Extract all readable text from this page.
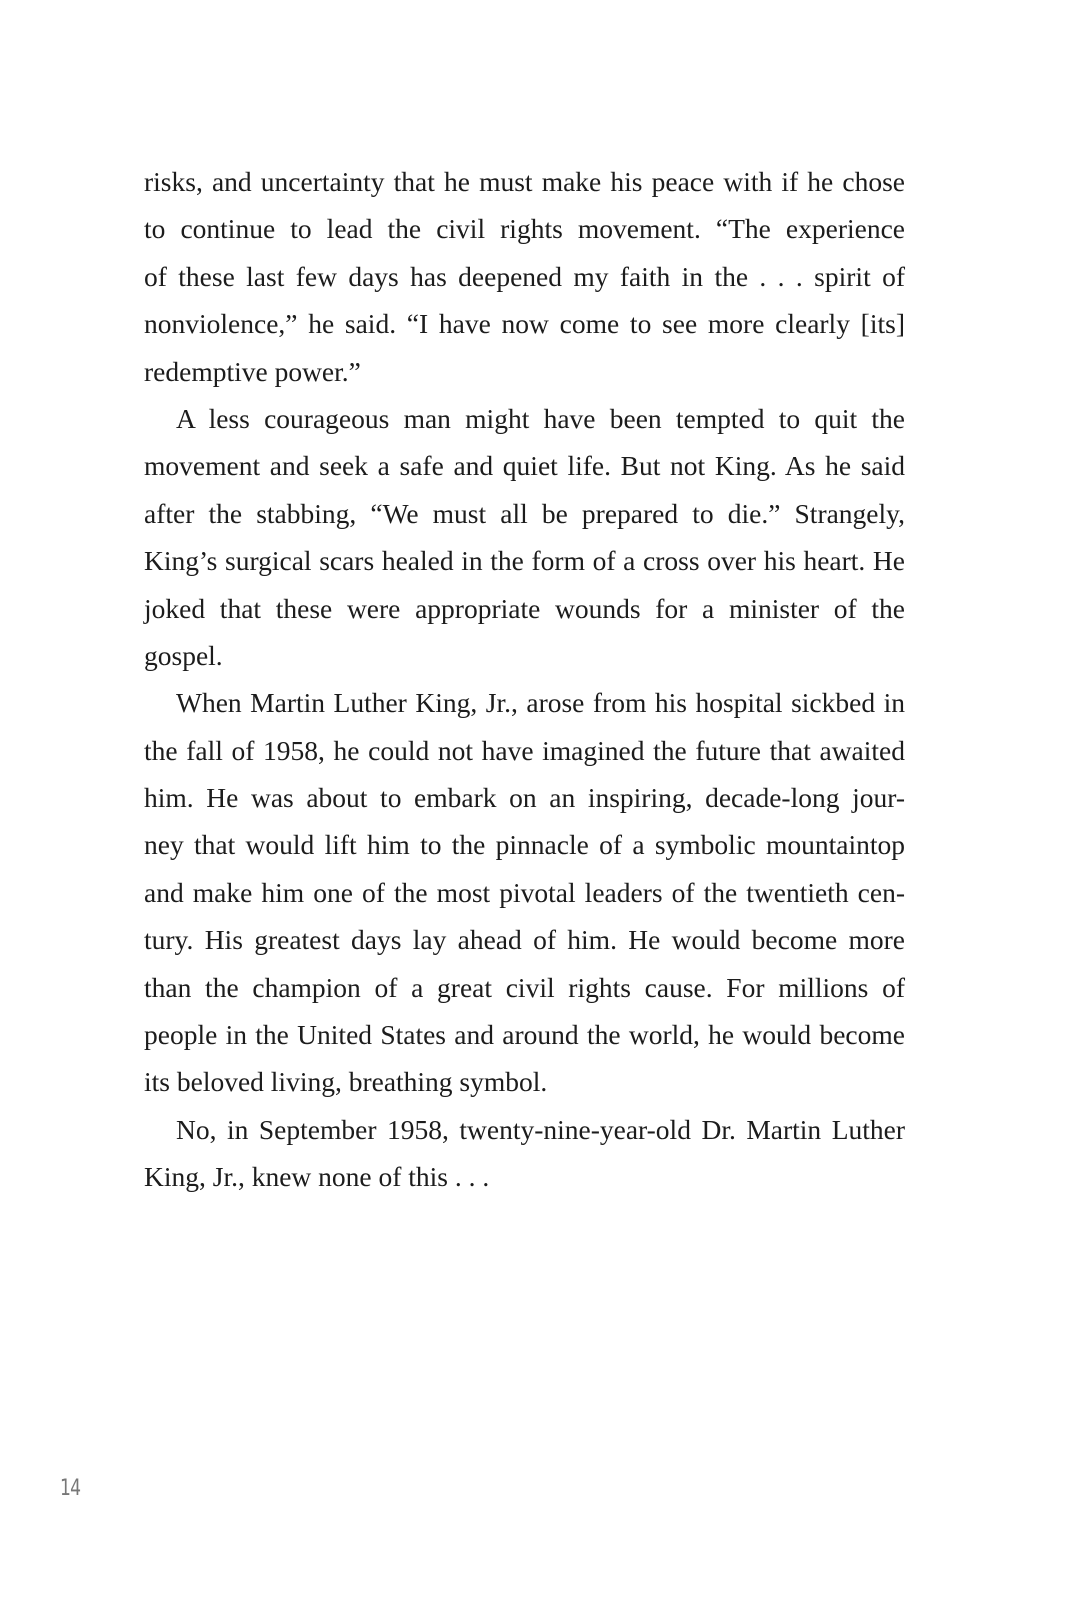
risks, and uncertainty that he must make his peace with if he chose
to continue to lead the civil rights movement. “The experience
of these last few days has deepened my faith in the . . . spirit of
nonviolence,” he said. “I have now come to see more clearly [its]
redemptive power.”
A less courageous man might have been tempted to quit the
movement and seek a safe and quiet life. But not King. As he said
after the stabbing, “We must all be prepared to die.” Strangely,
King’s surgical scars healed in the form of a cross over his heart. He
joked that these were appropriate wounds for a minister of the
gospel.
When Martin Luther King, Jr., arose from his hospital sickbed in
the fall of 1958, he could not have imagined the future that awaited
him. He was about to embark on an inspiring, decade-long jour-
ney that would lift him to the pinnacle of a symbolic mountaintop
and make him one of the most pivotal leaders of the twentieth cen-
tury. His greatest days lay ahead of him. He would become more
than the champion of a great civil rights cause. For millions of
people in the United States and around the world, he would become
its beloved living, breathing symbol.
No, in September 1958, twenty-nine-year-old Dr. Martin Luther
King, Jr., knew none of this . . .
14
